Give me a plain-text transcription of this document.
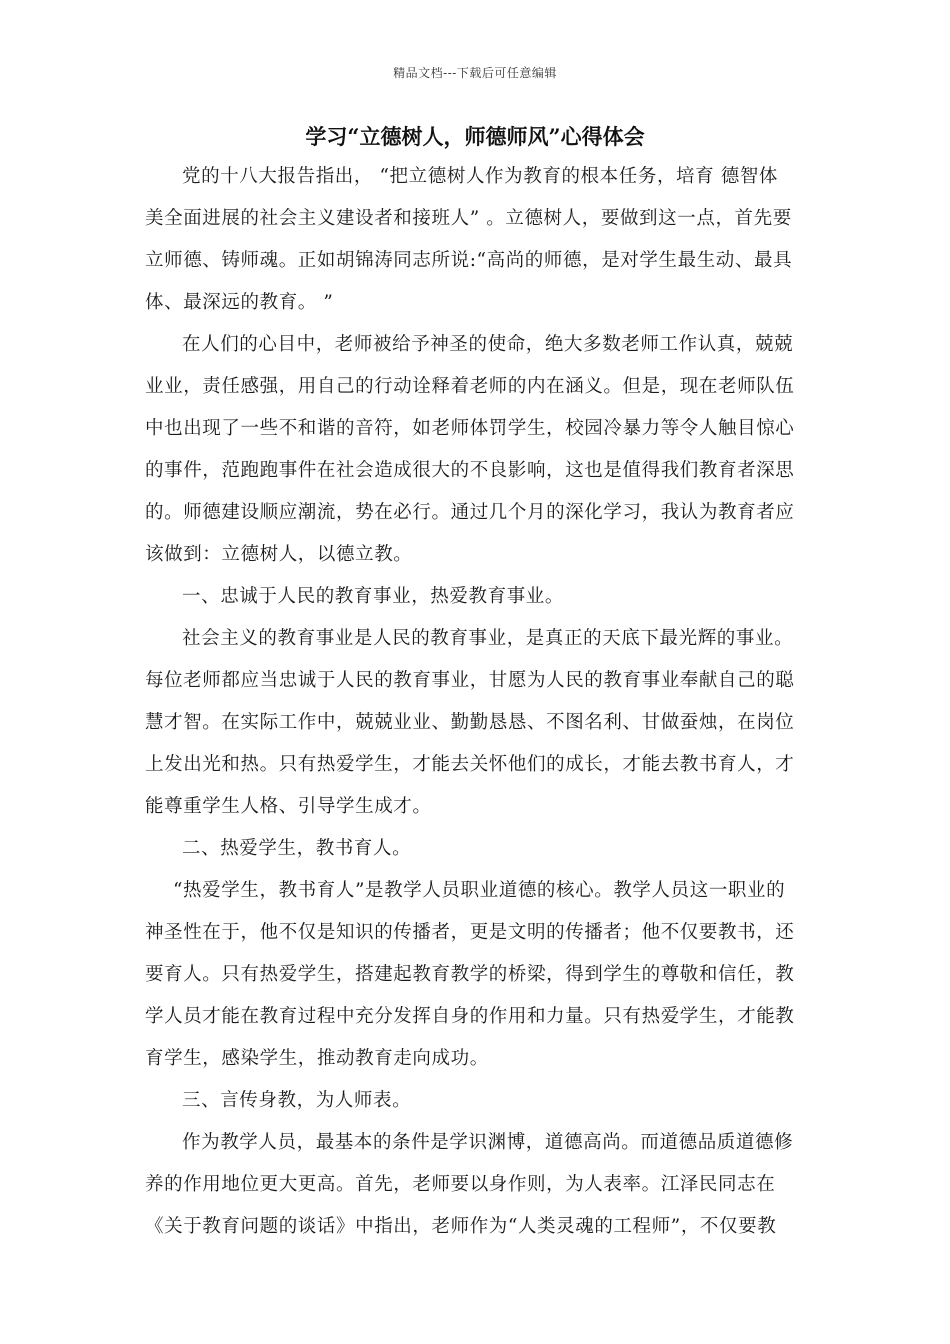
精品文档---下载后可任意编辑
学习“立德树人，师德师风”心得体会
党的十八大报告指出， “把立德树人作为教育的根本任务，培育 德智体
美全面进展的社会主义建设者和接班人” 。立德树人，要做到这一点，首先要
立师德、铸师魂。正如胡锦涛同志所说:“高尚的师德，是对学生最生动、最具
体、最深远的教育。 ”
在人们的心目中，老师被给予神圣的使命，绝大多数老师工作认真，兢兢
业业，责任感强，用自己的行动诠释着老师的内在涵义。但是，现在老师队伍
中也出现了一些不和谐的音符，如老师体罚学生，校园冷暴力等令人触目惊心
的事件，范跑跑事件在社会造成很大的不良影响，这也是值得我们教育者深思
的。师德建设顺应潮流，势在必行。通过几个月的深化学习，我认为教育者应
该做到：立德树人，以德立教。
一、忠诚于人民的教育事业，热爱教育事业。
社会主义的教育事业是人民的教育事业，是真正的天底下最光辉的事业。
每位老师都应当忠诚于人民的教育事业，甘愿为人民的教育事业奉献自己的聪
慧才智。在实际工作中，兢兢业业、勤勤恳恳、不图名利、甘做蚕烛，在岗位
上发出光和热。只有热爱学生，才能去关怀他们的成长，才能去教书育人，才
能尊重学生人格、引导学生成才。
二、热爱学生，教书育人。
“热爱学生，教书育人”是教学人员职业道德的核心。教学人员这一职业的
神圣性在于，他不仅是知识的传播者，更是文明的传播者；他不仅要教书，还
要育人。只有热爱学生，搭建起教育教学的桥梁，得到学生的尊敬和信任，教
学人员才能在教育过程中充分发挥自身的作用和力量。只有热爱学生，才能教
育学生，感染学生，推动教育走向成功。
三、言传身教，为人师表。
作为教学人员，最基本的条件是学识渊博，道德高尚。而道德品质道德修
养的作用地位更大更高。首先，老师要以身作则，为人表率。江泽民同志在
《关于教育问题的谈话》中指出，老师作为“人类灵魂的工程师”，不仅要教
